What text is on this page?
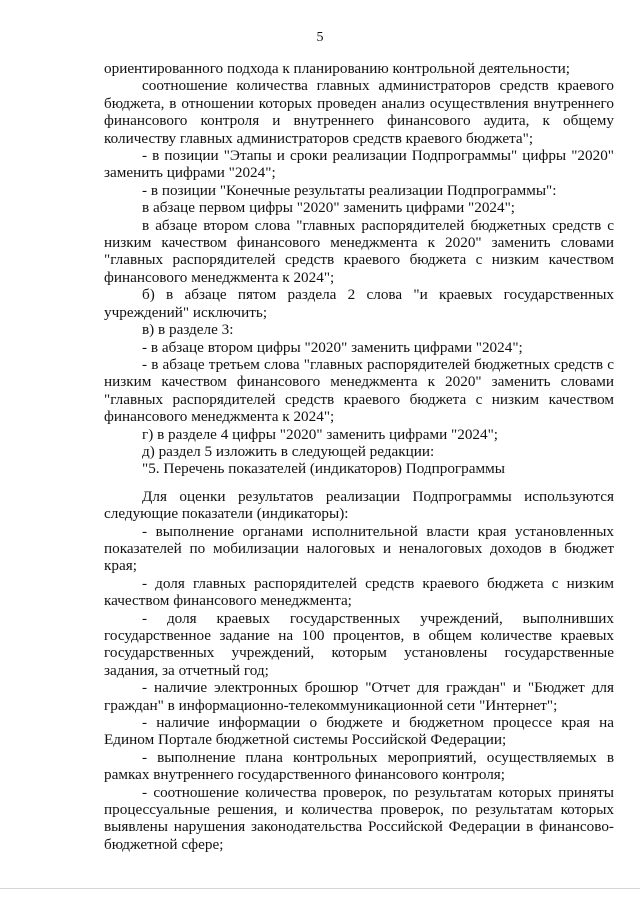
5

ориентированного подхода к планированию контрольной деятельности;

соотношение количества главных администраторов средств краевого бюджета, в отношении которых проведен анализ осуществления внутреннего финансового контроля и внутреннего финансового аудита, к общему количеству главных администраторов средств краевого бюджета";

- в позиции "Этапы и сроки реализации Подпрограммы" цифры "2020" заменить цифрами "2024";

- в позиции "Конечные результаты реализации Подпрограммы":

в абзаце первом цифры "2020" заменить цифрами "2024";

в абзаце втором слова "главных распорядителей бюджетных средств с низким качеством финансового менеджмента к 2020" заменить словами "главных распорядителей средств краевого бюджета с низким качеством финансового менеджмента к 2024";

б) в абзаце пятом раздела 2 слова "и краевых государственных учреждений" исключить;

в) в разделе 3:

- в абзаце втором цифры "2020" заменить цифрами "2024";

- в абзаце третьем слова "главных распорядителей бюджетных средств с низким качеством финансового менеджмента к 2020" заменить словами "главных распорядителей средств краевого бюджета с низким качеством финансового менеджмента к 2024";

г) в разделе 4 цифры "2020" заменить цифрами "2024";

д) раздел 5 изложить в следующей редакции:

"5. Перечень показателей (индикаторов) Подпрограммы

Для оценки результатов реализации Подпрограммы используются следующие показатели (индикаторы):

- выполнение органами исполнительной власти края установленных показателей по мобилизации налоговых и неналоговых доходов в бюджет края;

- доля главных распорядителей средств краевого бюджета с низким качеством финансового менеджмента;

- доля краевых государственных учреждений, выполнивших государственное задание на 100 процентов, в общем количестве краевых государственных учреждений, которым установлены государственные задания, за отчетный год;

- наличие электронных брошюр "Отчет для граждан" и "Бюджет для граждан" в информационно-телекоммуникационной сети "Интернет";

- наличие информации о бюджете и бюджетном процессе края на Едином Портале бюджетной системы Российской Федерации;

- выполнение плана контрольных мероприятий, осуществляемых в рамках внутреннего государственного финансового контроля;

- соотношение количества проверок, по результатам которых приняты процессуальные решения, и количества проверок, по результатам которых выявлены нарушения законодательства Российской Федерации в финансово-бюджетной сфере;
